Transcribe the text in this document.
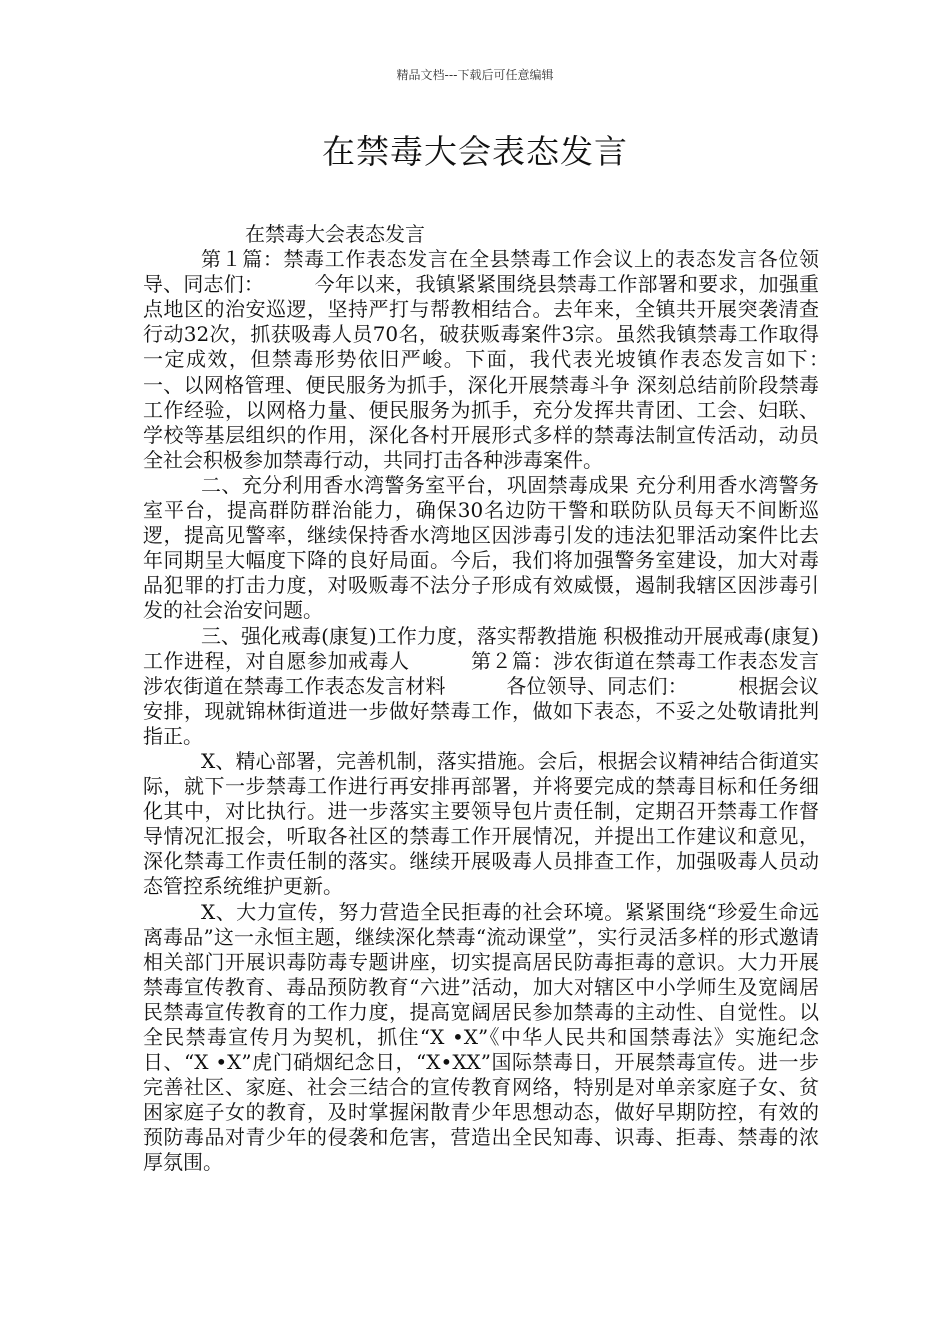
精品文档---下载后可任意编辑
在禁毒大会表态发言

在禁毒大会表态发言

第１篇：禁毒工作表态发言在全县禁毒工作会议上的表态发言各位领导、同志们：　　　今年以来，我镇紧紧围绕县禁毒工作部署和要求，加强重点地区的治安巡逻，坚持严打与帮教相结合。去年来，全镇共开展突袭清查行动32次，抓获吸毒人员70名，破获贩毒案件3宗。虽然我镇禁毒工作取得一定成效，但禁毒形势依旧严峻。下面，我代表光坡镇作表态发言如下：　　　一、以网格管理、便民服务为抓手，深化开展禁毒斗争 深刻总结前阶段禁毒工作经验，以网格力量、便民服务为抓手，充分发挥共青团、工会、妇联、学校等基层组织的作用，深化各村开展形式多样的禁毒法制宣传活动，动员全社会积极参加禁毒行动，共同打击各种涉毒案件。

二、充分利用香水湾警务室平台，巩固禁毒成果 充分利用香水湾警务室平台，提高群防群治能力，确保30名边防干警和联防队员每天不间断巡逻，提高见警率，继续保持香水湾地区因涉毒引发的违法犯罪活动案件比去年同期呈大幅度下降的良好局面。今后，我们将加强警务室建设，加大对毒品犯罪的打击力度，对吸贩毒不法分子形成有效威慑，遏制我辖区因涉毒引发的社会治安问题。

三、强化戒毒(康复)工作力度，落实帮教措施 积极推动开展戒毒(康复)工作进程，对自愿参加戒毒人　　　第２篇：涉农街道在禁毒工作表态发言涉农街道在禁毒工作表态发言材料　　　各位领导、同志们：　　　根据会议安排，现就锦林街道进一步做好禁毒工作，做如下表态，不妥之处敬请批判指正。

X、精心部署，完善机制，落实措施。会后，根据会议精神结合街道实际，就下一步禁毒工作进行再安排再部署，并将要完成的禁毒目标和任务细化其中，对比执行。进一步落实主要领导包片责任制，定期召开禁毒工作督导情况汇报会，听取各社区的禁毒工作开展情况，并提出工作建议和意见，深化禁毒工作责任制的落实。继续开展吸毒人员排查工作，加强吸毒人员动态管控系统维护更新。

X、大力宣传，努力营造全民拒毒的社会环境。紧紧围绕“珍爱生命远离毒品”这一永恒主题，继续深化禁毒“流动课堂”，实行灵活多样的形式邀请相关部门开展识毒防毒专题讲座，切实提高居民防毒拒毒的意识。大力开展禁毒宣传教育、毒品预防教育“六进”活动，加大对辖区中小学师生及宽阔居民禁毒宣传教育的工作力度，提高宽阔居民参加禁毒的主动性、自觉性。以全民禁毒宣传月为契机，抓住“X •X”《中华人民共和国禁毒法》实施纪念日、“X •X”虎门硝烟纪念日，“X•XX”国际禁毒日，开展禁毒宣传。进一步完善社区、家庭、社会三结合的宣传教育网络，特别是对单亲家庭子女、贫困家庭子女的教育，及时掌握闲散青少年思想动态，做好早期防控，有效的预防毒品对青少年的侵袭和危害，营造出全民知毒、识毒、拒毒、禁毒的浓厚氛围。
